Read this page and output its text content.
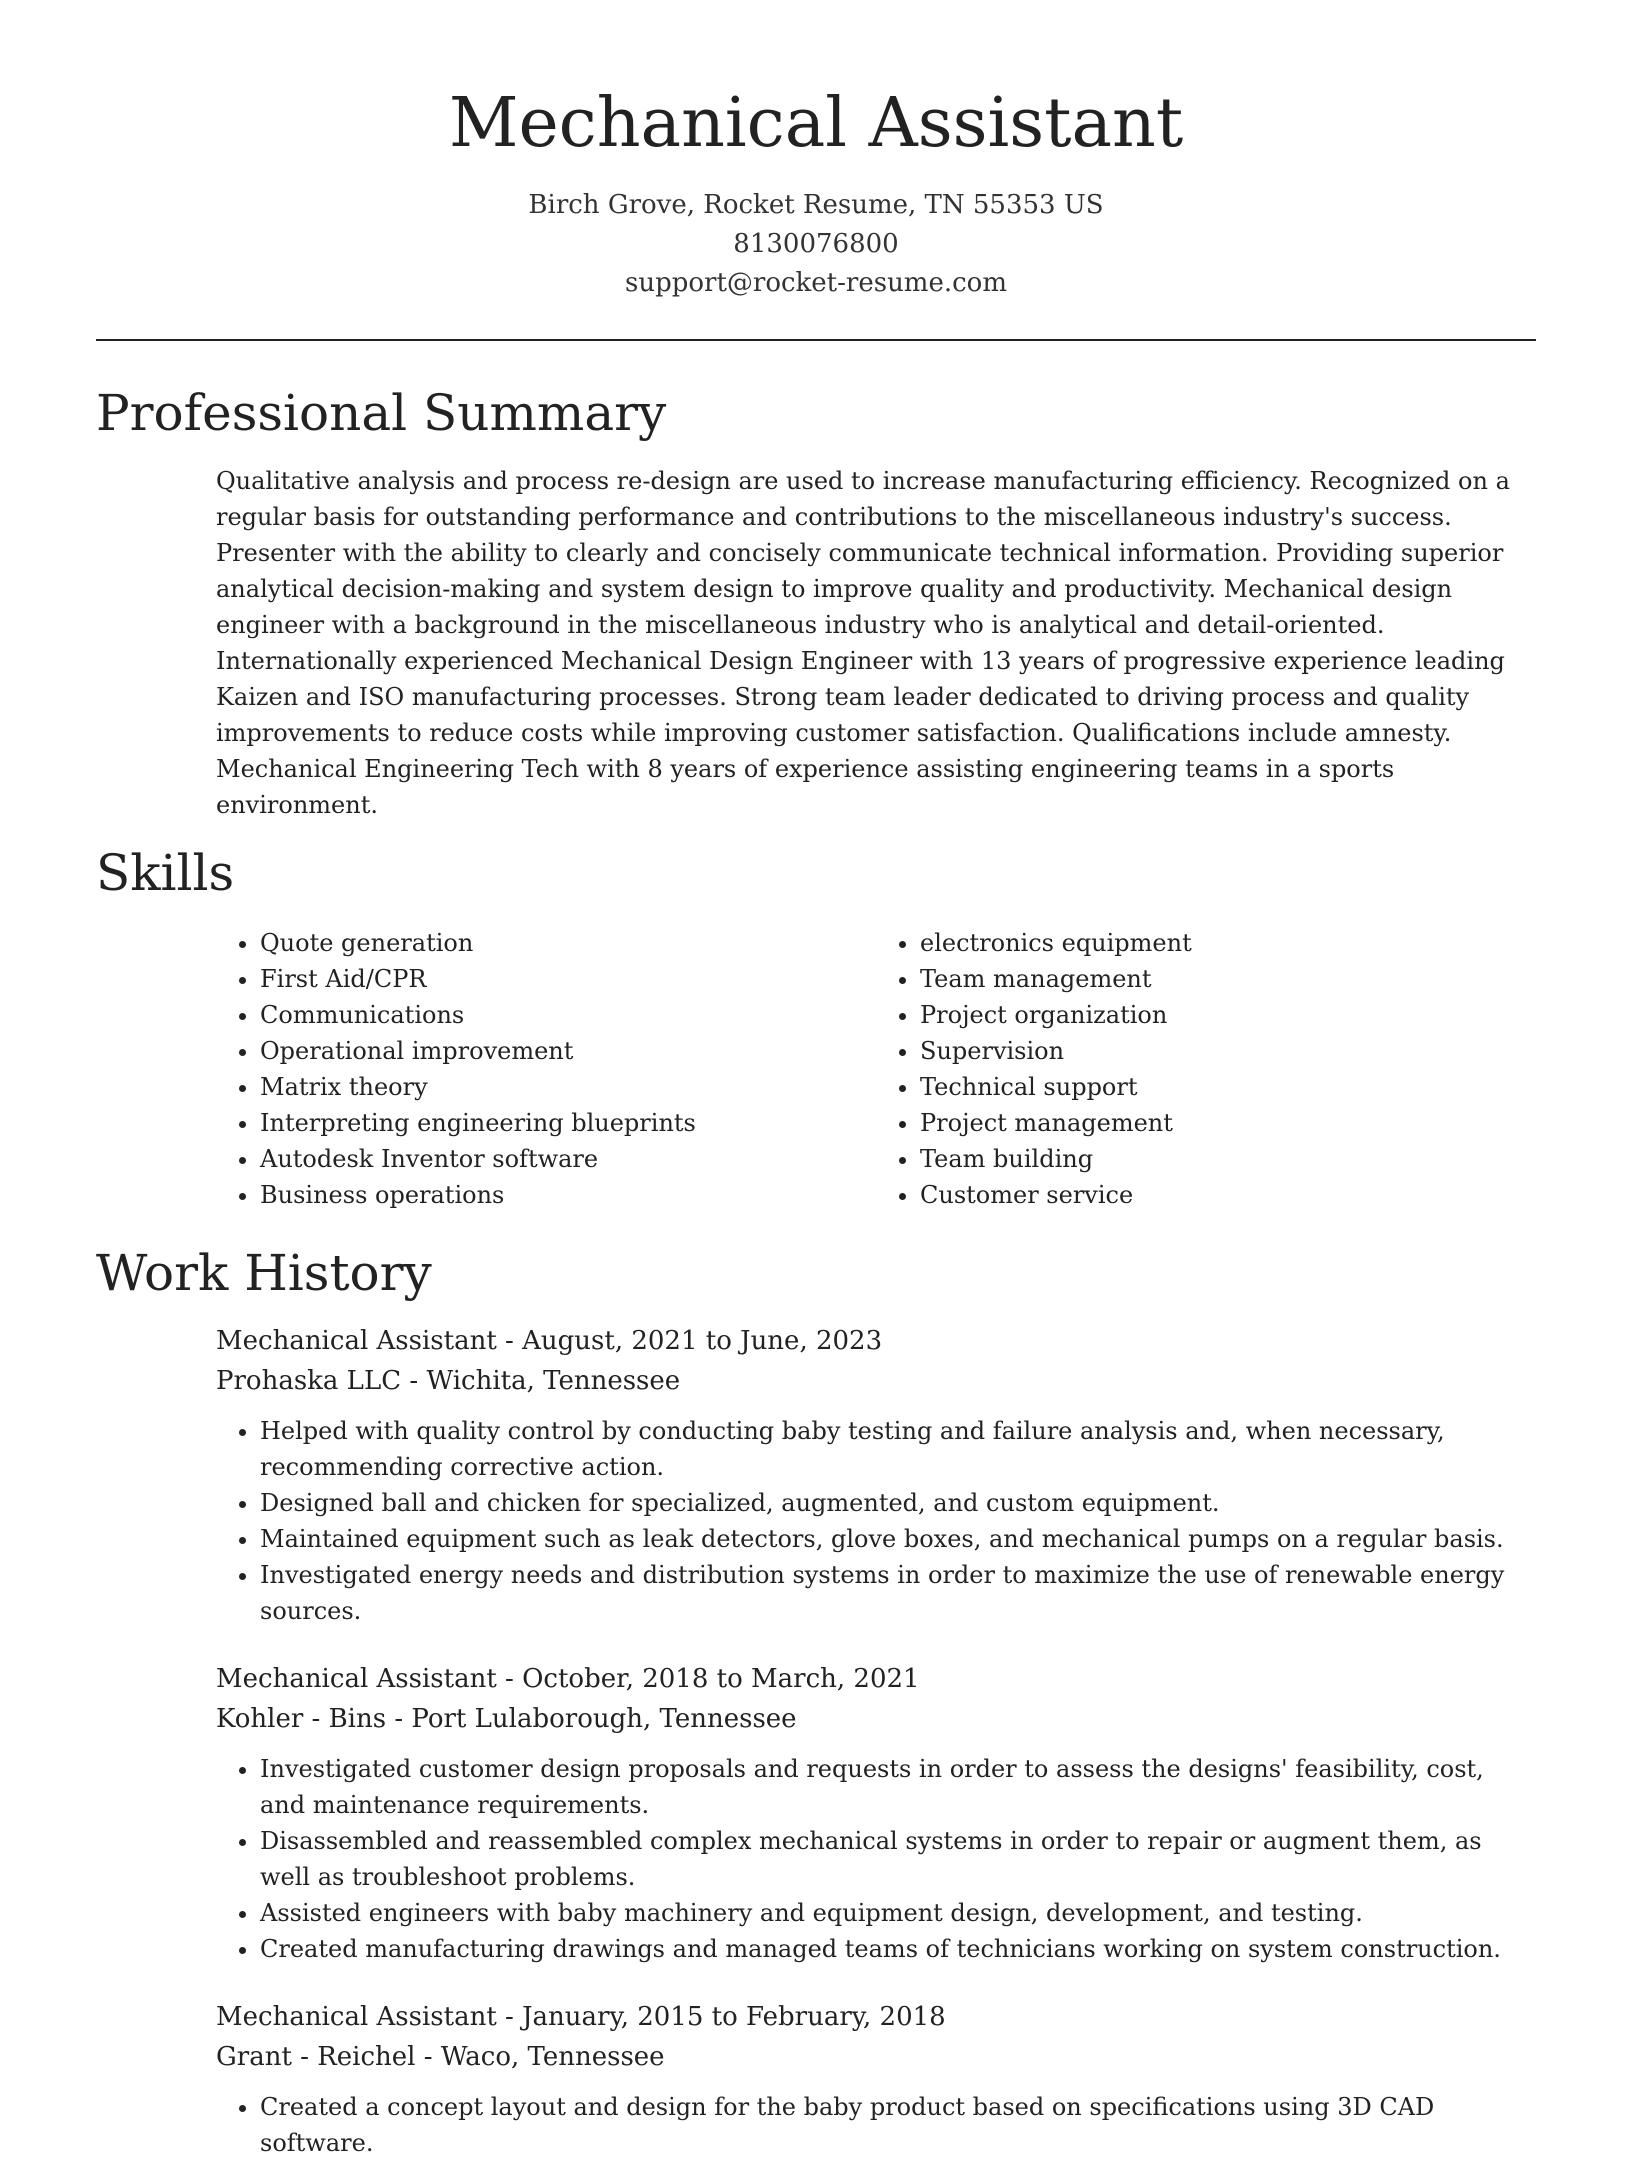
Mechanical Assistant
Birch Grove, Rocket Resume, TN 55353 US
8130076800
support@rocket-resume.com
Professional Summary

Qualitative analysis and process re-design are used to increase manufacturing efficiency. Recognized on a regular basis for outstanding performance and contributions to the miscellaneous industry's success. Presenter with the ability to clearly and concisely communicate technical information. Providing superior analytical decision-making and system design to improve quality and productivity. Mechanical design engineer with a background in the miscellaneous industry who is analytical and detail-oriented. Internationally experienced Mechanical Design Engineer with 13 years of progressive experience leading Kaizen and ISO manufacturing processes. Strong team leader dedicated to driving process and quality improvements to reduce costs while improving customer satisfaction. Qualifications include amnesty. Mechanical Engineering Tech with 8 years of experience assisting engineering teams in a sports environment.

Skills
• Quote generation
• First Aid/CPR
• Communications
• Operational improvement
• Matrix theory
• Interpreting engineering blueprints
• Autodesk Inventor software
• Business operations
• electronics equipment
• Team management
• Project organization
• Supervision
• Technical support
• Project management
• Team building
• Customer service
Work History
Mechanical Assistant - August, 2021 to June, 2023
Prohaska LLC - Wichita, Tennessee
• Helped with quality control by conducting baby testing and failure analysis and, when necessary, recommending corrective action.
• Designed ball and chicken for specialized, augmented, and custom equipment.
• Maintained equipment such as leak detectors, glove boxes, and mechanical pumps on a regular basis.
• Investigated energy needs and distribution systems in order to maximize the use of renewable energy sources.
Mechanical Assistant - October, 2018 to March, 2021
Kohler - Bins - Port Lulaborough, Tennessee
• Investigated customer design proposals and requests in order to assess the designs' feasibility, cost, and maintenance requirements.
• Disassembled and reassembled complex mechanical systems in order to repair or augment them, as well as troubleshoot problems.
• Assisted engineers with baby machinery and equipment design, development, and testing.
• Created manufacturing drawings and managed teams of technicians working on system construction.
Mechanical Assistant - January, 2015 to February, 2018
Grant - Reichel - Waco, Tennessee
• Created a concept layout and design for the baby product based on specifications using 3D CAD software.
